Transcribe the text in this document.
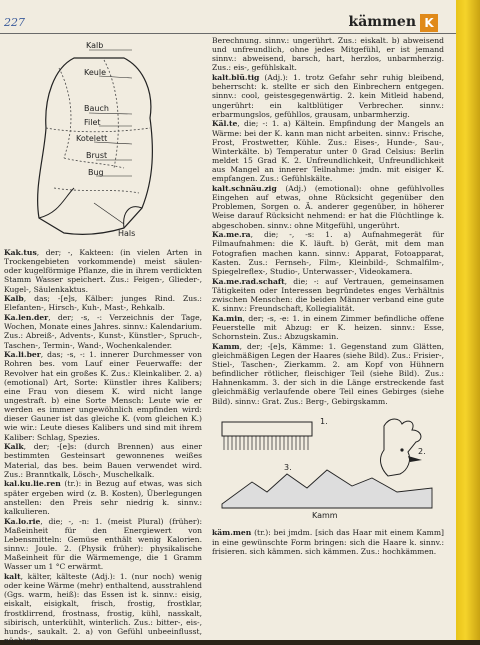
227	kämmen K
Kalb
Keule
Bauch
Filet
Kotelett
Brust
Bug
Hals
Kak.tus, der; -, Kakteen: (in vielen Arten in Trockengebieten vorkommende) meist säulen- oder kugelförmige Pflanze, die in ihrem verdickten Stamm Wasser speichert. Zus.: Feigen-, Glieder-, Kugel-, Säulenkaktus.
Kalb, das; -[e]s, Kälber: junges Rind. Zus.: Elefanten-, Hirsch-, Kuh-, Mast-, Rehkalb.
Ka.len.der, der; -s, -: Verzeichnis der Tage, Wochen, Monate eines Jahres. sinnv.: Kalendarium. Zus.: Abreiß-, Advents-, Kunst-, Künstler-, Spruch-, Taschen-, Termin-, Wand-, Wochenkalender.
Ka.li.ber, das; -s, -: 1. innerer Durchmesser von Rohren bes. vom Lauf einer Feuerwaffe: der Revolver hat ein großes K. Zus.: Kleinkaliber. 2. a) (emotional) Art, Sorte: Künstler ihres Kalibers; eine Frau von diesem K. wird nicht lange ungestraft. b) eine Sorte Mensch: Leute wie er werden es immer ungewöhnlich empfinden wird: dieser Gauner ist das gleiche K. (vom gleichen K.) wie wir.: Leute dieses Kalibers und sind mit ihrem Kaliber: Schlag, Spezies.
Kalk, der; -[e]s: (durch Brennen) aus einer bestimmten Gesteinsart gewonnenes weißes Material, das bes. beim Bauen verwendet wird. Zus.: Branntkalk, Lösch-, Muschelkalk.
kal.ku.lie.ren (tr.): in Bezug auf etwas, was sich später ergeben wird (z. B. Kosten), Überlegungen anstellen: den Preis sehr niedrig k. sinnv.: kalkulieren.
Ka.lo.rie, die; -, -n: 1. (meist Plural) (früher): Maßeinheit für den Energiewert von Lebensmitteln: Gemüse enthält wenig Kalorien. sinnv.: Joule. 2. (Physik früher): physikalische Maßeinheit für die Wärmemenge, die 1 Gramm Wasser um 1 °C erwärmt.
kalt, kälter, kälteste (Adj.): 1. (nur noch) wenig oder keine Wärme (mehr) enthaltend, ausstrahlend (Ggs. warm, heiß): das Essen ist k. sinnv.: eisig, eiskalt, eisigkalt, frisch, frostig, frostklar, frostklirrend, frostnass, frostig, kühl, nasskalt, sibirisch, unterkühlt, winterlich. Zus.: bitter-, eis-, hunds-, saukalt. 2. a) von Gefühl unbeeinflusst, nüchtern.
Berechnung. sinnv.: ungerührt. Zus.: eiskalt. b) abweisend und unfreundlich, ohne jedes Mitgefühl, er ist jemand sinnv.: abweisend, barsch, hart, herzlos, unbarmherzig. Zus.: eis-, gefühlskalt.
kalt.blü.tig (Adj.): 1. trotz Gefahr sehr ruhig bleibend, beherrscht: k. stellte er sich den Einbrechern entgegen. sinnv.: cool, geistesgegenwärtig. 2. kein Mitleid habend, ungerührt: ein kaltblütiger Verbrecher. sinnv.: erbarmungslos, gefühllos, grausam, unbarmherzig.
Käl.te, die; -: 1. a) Kältein. Empfindung der Mangels an Wärme: bei der K. kann man nicht arbeiten. sinnv.: Frische, Frost, Frostwetter, Kühle. Zus.: Eises-, Hunde-, Sau-, Winterkälte. b) Temperatur unter 0 Grad Celsius: Berlin meldet 15 Grad K. 2. Unfreundlichkeit, Unfreundlichkeit aus Mangel an innerer Teilnahme: jmdn. mit eisiger K. empfangen. Zus.: Gefühlskälte.
kalt.schnäu.zig (Adj.) (emotional): ohne gefühlvolles Eingehen auf etwas, ohne Rücksicht gegenüber den Problemen, Sorgen o. Ä. anderer gegenüber, in höherer Weise darauf Rücksicht nehmend: er hat die Flüchtlinge k. abgeschoben. sinnv.: ohne Mitgefühl, ungerührt.
Ka.me.ra, die; -, -s: 1. a) Aufnahmegerät für Filmaufnahmen: die K. läuft. b) Gerät, mit dem man Fotografien machen kann. sinnv.: Apparat, Fotoapparat, Kasten. Zus.: Fernseh-, Film-, Kleinbild-, Schmalfilm-, Spiegelreflex-, Studio-, Unterwasser-, Videokamera.
Ka.me.rad.schaft, die; -: auf Vertrauen, gemeinsamen Tätigkeiten oder Interessen begründetes enges Verhältnis zwischen Menschen: die beiden Männer verband eine gute K. sinnv.: Freundschaft, Kollegialität.
Ka.min, der; -s, -e: 1. in einem Zimmer befindliche offene Feuerstelle mit Abzug: er K. heizen. sinnv.: Esse, Schornstein. Zus.: Abzugskamin.
Kamm, der; -[e]s, Kämme: 1. Gegenstand zum Glätten, gleichmäßigen Legen der Haares (siehe Bild). Zus.: Frisier-, Stiel-, Taschen-, Zierkamm. 2. am Kopf von Hühnern befindlicher rötlicher, fleischiger Teil (siehe Bild). Zus.: Hahnenkamm. 3. der sich in die Länge erstreckende fast gleichmäßig verlaufende obere Teil eines Gebirges (siehe Bild). sinnv.: Grat. Zus.: Berg-, Gebirgskamm.
1.
2.
3.
Kamm
käm.men (tr.): bei jmdm. [sich das Haar mit einem Kamm] in eine gewünschte Form bringen: sich die Haare k. sinnv.: frisieren. sich kämmen. sich kämmen. Zus.: hochkämmen.
